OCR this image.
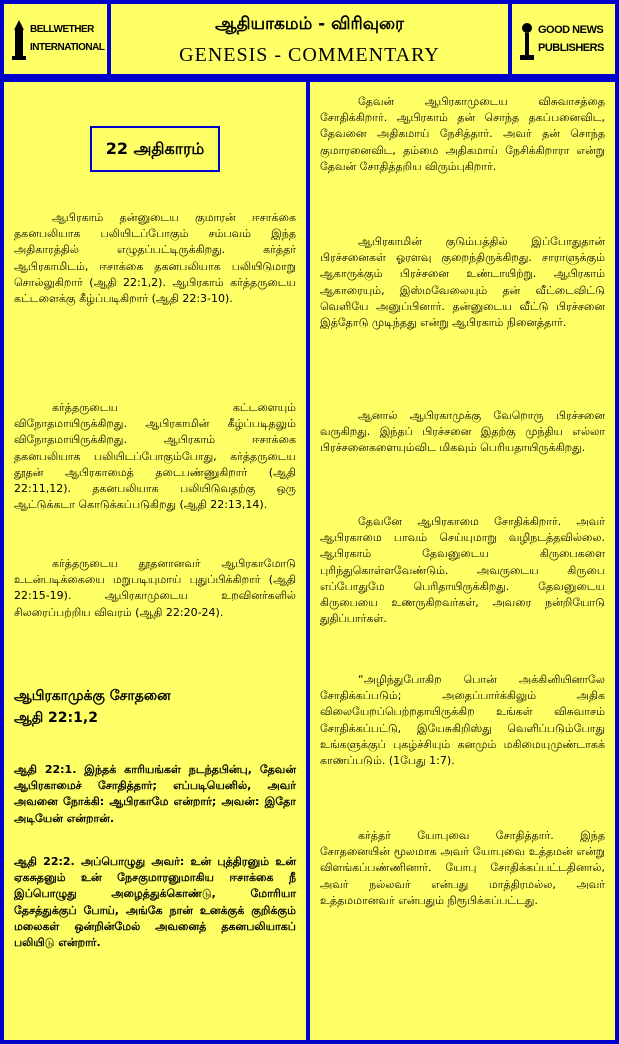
BELLWETHER
INTERNATIONAL
ஆதியாகமம் - விரிவுரை
GENESIS - COMMENTARY
GOOD NEWS
PUBLISHERS
22 அதிகாரம்
ஆபிரகாம் தன்னுடைய குமாரன் ஈசாக்கை தகனபலியாக பலியிடப்போகும் சம்பவம் இந்த அதிகாரத்தில் எழுதப்பட்டிருக்கிறது. கர்த்தர் ஆபிரகாமிடம், ஈசாக்கை தகனபலியாக பலியிடுமாறு சொல்லுகிறார் (ஆதி 22:1,2). ஆபிரகாம் கர்த்தருடைய கட்டளைக்கு கீழ்ப்படிகிறார் (ஆதி 22:3-10).
கர்த்தருடைய கட்டளையும் விநோதமாயிருக்கிறது. ஆபிரகாமின் கீழ்ப்படிதலும் விநோதமாயிருக்கிறது. ஆபிரகாம் ஈசாக்கை தகனபலியாக பலியிடப்போகும்போது, கர்த்தருடைய தூதன் ஆபிரகாமைத் தடைபண்ணுகிறார் (ஆதி 22:11,12). தகனபலியாக பலியிடுவதற்கு ஒரு ஆட்டுக்கடா கொடுக்கப்படுகிறது (ஆதி 22:13,14).
கர்த்தருடைய தூதனானவர் ஆபிரகாமோடு உடன்படிக்கையை மறுபடியுமாய் புதுப்பிக்கிறார் (ஆதி 22:15-19). ஆபிரகாமுடைய உறவினர்களில் சிலரைப்பற்றிய விவரம் (ஆதி 22:20-24).
ஆபிரகாமுக்கு சோதனை
ஆதி 22:1,2
ஆதி 22:1. இந்தக் காரியங்கள் நடந்தபின்பு, தேவன் ஆபிரகாமைச் சோதித்தார்; எப்படியெனில், அவர் அவனை நோக்கி: ஆபிரகாமே என்றார்; அவன்: இதோ அடியேன் என்றான்.
ஆதி 22:2. அப்பொழுது அவர்: உன் புத்திரனும் உன் ஏகசுதனும் உன் நேசகுமாரனுமாகிய ஈசாக்கை நீ இப்பொழுது அழைத்துக்கொண்டு, மோரியா தேசத்துக்குப் போய், அங்கே நான் உனக்குக் குறிக்கும் மலைகள் ஒன்றின்மேல் அவனைத் தகனபலியாகப் பலியிடு என்றார்.
தேவன் ஆபிரகாமுடைய விசுவாசத்தை சோதிக்கிறார். ஆபிரகாம் தன் சொந்த தகப்பனைவிட, தேவனை அதிகமாய் நேசித்தார். அவர் தன் சொந்த குமாரனைவிட, தம்மை அதிகமாய் நேசிக்கிறாரா என்று தேவன் சோதித்தறிய விரும்புகிறார்.
ஆபிரகாமின் குடும்பத்தில் இப்போதுதான் பிரச்சனைகள் ஓரளவு குறைந்திருக்கிறது. சாராளுக்கும் ஆகாருக்கும் பிரச்சனை உண்டாயிற்று. ஆபிரகாம் ஆகாரையும், இஸ்மவேலையும் தன் வீட்டைவிட்டு வெளியே அனுப்பினார். தன்னுடைய வீட்டு பிரச்சனை இத்தோடு முடிந்தது என்று ஆபிரகாம் நினைத்தார்.
ஆனால் ஆபிரகாமுக்கு வேறொரு பிரச்சனை வருகிறது. இந்தப் பிரச்சனை இதற்கு முந்திய எல்லா பிரச்சனைகளையும்விட மிகவும் பெரியதாயிருக்கிறது.
தேவனே ஆபிரகாமை சோதிக்கிறார். அவர் ஆபிரகாமை பாவம் செய்யுமாறு வழிநடத்தவில்லை. ஆபிரகாம் தேவனுடைய கிருபைகளை புரிந்துகொள்ளவேண்டும். அவருடைய கிருபை எப்போதுமே பெரிதாயிருக்கிறது. தேவனுடைய கிருபையை உணருகிறவர்கள், அவரை நன்றியோடு துதிப்பார்கள்.
“அழிந்துபோகிற பொன் அக்கினியினாலே சோதிக்கப்படும்; அதைப்பார்க்கிலும் அதிக விலையேறப்பெற்றதாயிருக்கிற உங்கள் விசுவாசம் சோதிக்கப்பட்டு, இயேசுகிறிஸ்து வெளிப்படும்போது உங்களுக்குப் புகழ்ச்சியும் கனமும் மகிமையுமுண்டாகக் காணப்படும். (1பேது 1:7).
கர்த்தர் யோபுவை சோதித்தார். இந்த சோதனையின் மூலமாக அவர் யோபுவை உத்தமன் என்று விளங்கப்பண்ணினார். யோபு சோதிக்கப்பட்டதினால், அவர் நல்லவர் என்பது மாத்திரமல்ல, அவர் உத்தமமானவர் என்பதும் நிரூபிக்கப்பட்டது.
